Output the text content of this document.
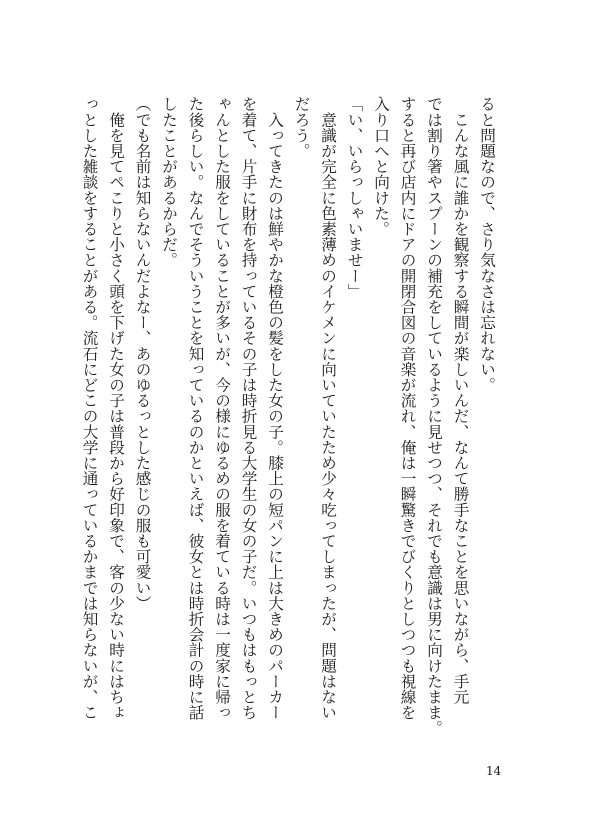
ると問題なので、さり気なさは忘れない。
　こんな風に誰かを観察する瞬間が楽しいんだ、なんて勝手なことを思いながら、手元
では割り箸やスプーンの補充をしているように見せつつ、それでも意識は男に向けたまま。
すると再び店内にドアの開閉合図の音楽が流れ、俺は一瞬驚きでびくりとしつつも視線を
入り口へと向けた。
「い、いらっしゃいませー」
　意識が完全に色素薄めのイケメンに向いていたため少々吃ってしまったが、問題はない
だろう。
　入ってきたのは鮮やかな橙色の髪をした女の子。膝上の短パンに上は大きめのパーカー
を着て、片手に財布を持っているその子は時折見る大学生の女の子だ。いつもはもっとち
ゃんとした服をしていることが多いが、今の様にゆるめの服を着ている時は一度家に帰っ
た後らしい。なんでそういうことを知っているのかといえば、彼女とは時折会計の時に話
したことがあるからだ。
（でも名前は知らないんだよなー、あのゆるっとした感じの服も可愛い）
　俺を見てペこりと小さく頭を下げた女の子は普段から好印象で、客の少ない時にはちょ
っとした雑談をすることがある。流石にどこの大学に通っているかまでは知らないが、こ
14
